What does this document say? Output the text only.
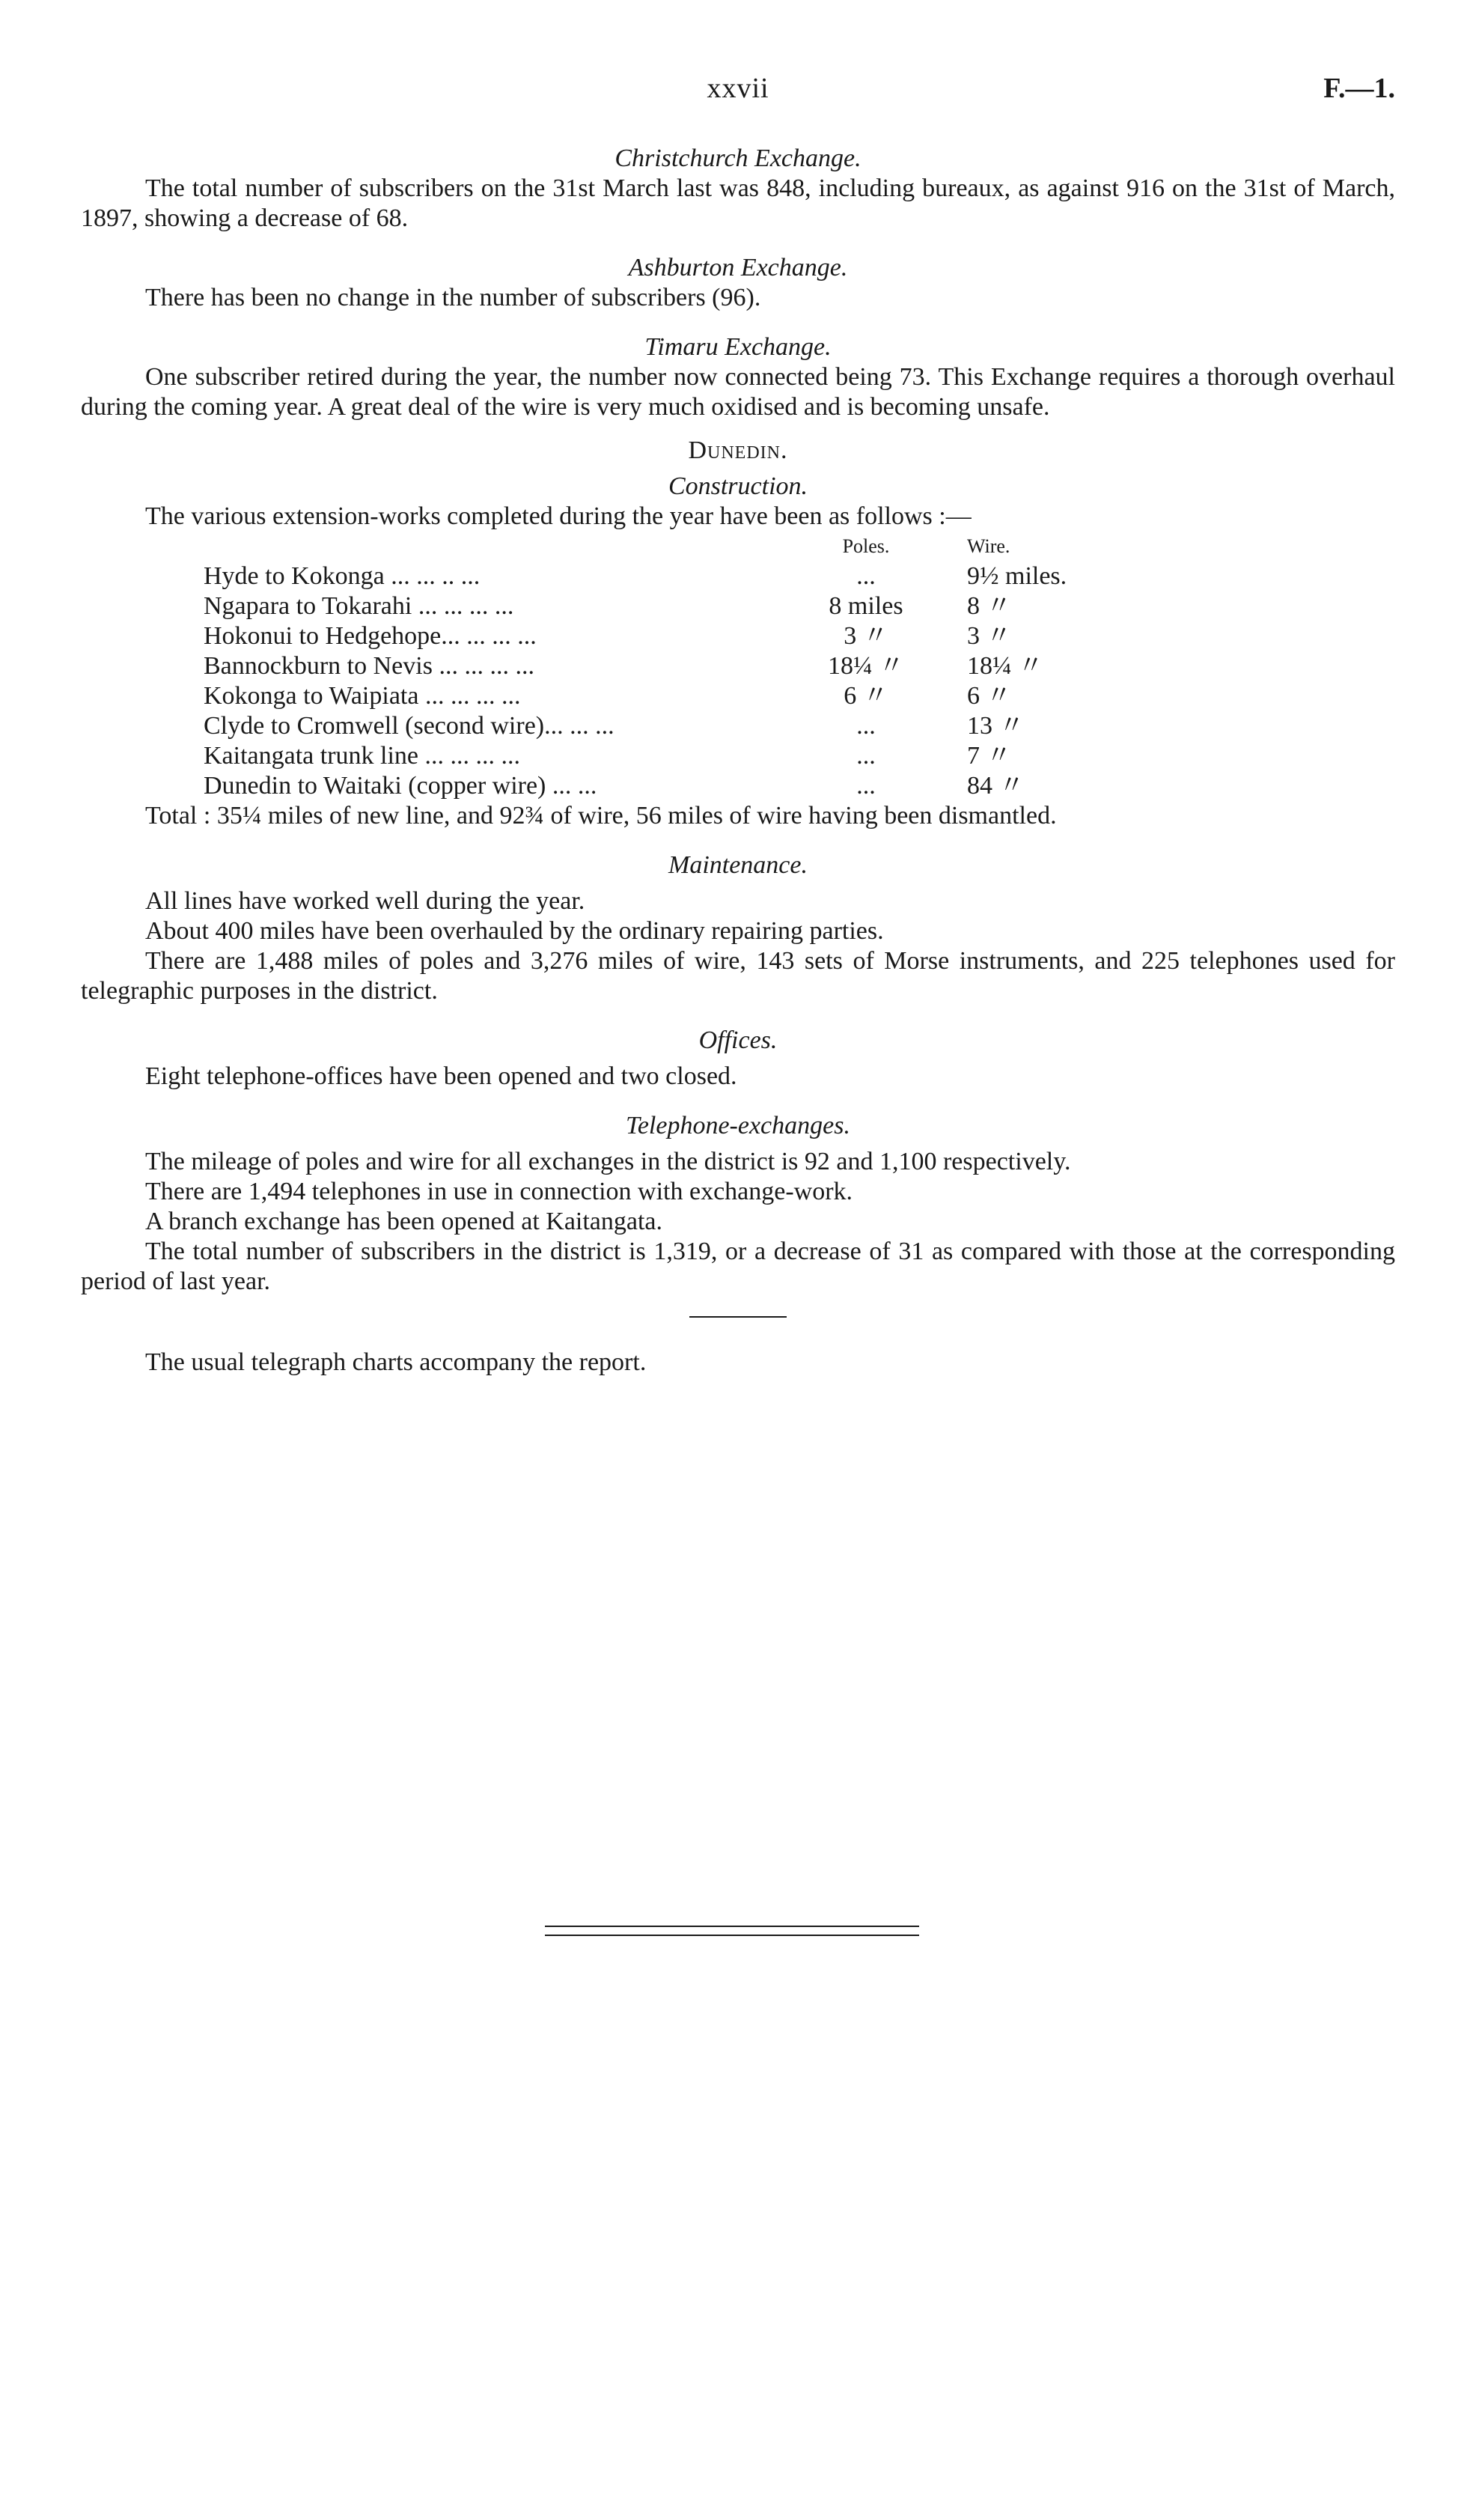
xxvii	F.—1.
Christchurch Exchange.

The total number of subscribers on the 31st March last was 848, including bureaux, as against 916 on the 31st of March, 1897, showing a decrease of 68.

Ashburton Exchange.

There has been no change in the number of subscribers (96).

Timaru Exchange.

One subscriber retired during the year, the number now connected being 73. This Exchange requires a thorough overhaul during the coming year. A great deal of the wire is very much oxidised and is becoming unsafe.

Dunedin.
Construction.

The various extension-works completed during the year have been as follows :—

	Poles.	Wire.
Hyde to Kokonga ... ... .. ...	...	9½ miles.
Ngapara to Tokarahi ... ... ... ...	8 miles	8 〃
Hokonui to Hedgehope... ... ... ...	3 〃	3 〃
Bannockburn to Nevis ... ... ... ...	18¼ 〃	18¼ 〃
Kokonga to Waipiata ... ... ... ...	6 〃	6 〃
Clyde to Cromwell (second wire)... ... ...	...	13 〃
Kaitangata trunk line ... ... ... ...	...	7 〃
Dunedin to Waitaki (copper wire) ... ...	...	84 〃

Total : 35¼ miles of new line, and 92¾ of wire, 56 miles of wire having been dismantled.

Maintenance.

All lines have worked well during the year.

About 400 miles have been overhauled by the ordinary repairing parties.

There are 1,488 miles of poles and 3,276 miles of wire, 143 sets of Morse instruments, and 225 telephones used for telegraphic purposes in the district.

Offices.

Eight telephone-offices have been opened and two closed.

Telephone-exchanges.

The mileage of poles and wire for all exchanges in the district is 92 and 1,100 respectively.

There are 1,494 telephones in use in connection with exchange-work.

A branch exchange has been opened at Kaitangata.

The total number of subscribers in the district is 1,319, or a decrease of 31 as compared with those at the corresponding period of last year.

The usual telegraph charts accompany the report.
